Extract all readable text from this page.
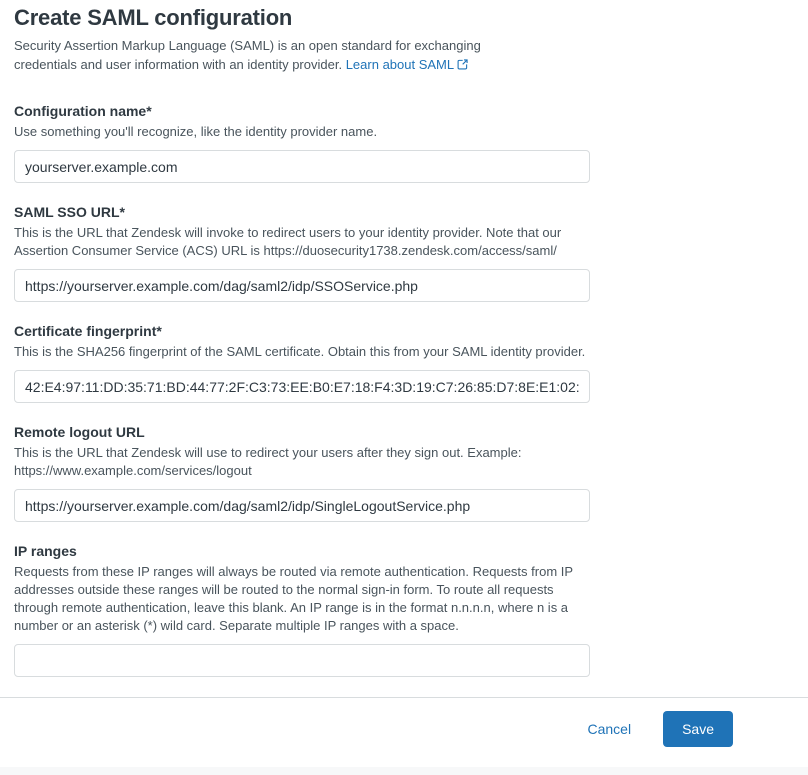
Create SAML configuration

Security Assertion Markup Language (SAML) is an open standard for exchanging credentials and user information with an identity provider. Learn about SAML

Configuration name*
Use something you'll recognize, like the identity provider name.
yourserver.example.com
SAML SSO URL*
This is the URL that Zendesk will invoke to redirect users to your identity provider. Note that our Assertion Consumer Service (ACS) URL is https://duosecurity1738.zendesk.com/access/saml/
https://yourserver.example.com/dag/saml2/idp/SSOService.php
Certificate fingerprint*
This is the SHA256 fingerprint of the SAML certificate. Obtain this from your SAML identity provider.
42:E4:97:11:DD:35:71:BD:44:77:2F:C3:73:EE:B0:E7:18:F4:3D:19:C7:26:85:D7:8E:E1:02:F1:6F:0F
Remote logout URL
This is the URL that Zendesk will use to redirect your users after they sign out. Example: https://www.example.com/services/logout
https://yourserver.example.com/dag/saml2/idp/SingleLogoutService.php
IP ranges
Requests from these IP ranges will always be routed via remote authentication. Requests from IP addresses outside these ranges will be routed to the normal sign-in form. To route all requests through remote authentication, leave this blank. An IP range is in the format n.n.n.n, where n is a number or an asterisk (*) wild card. Separate multiple IP ranges with a space.
Cancel	Save
